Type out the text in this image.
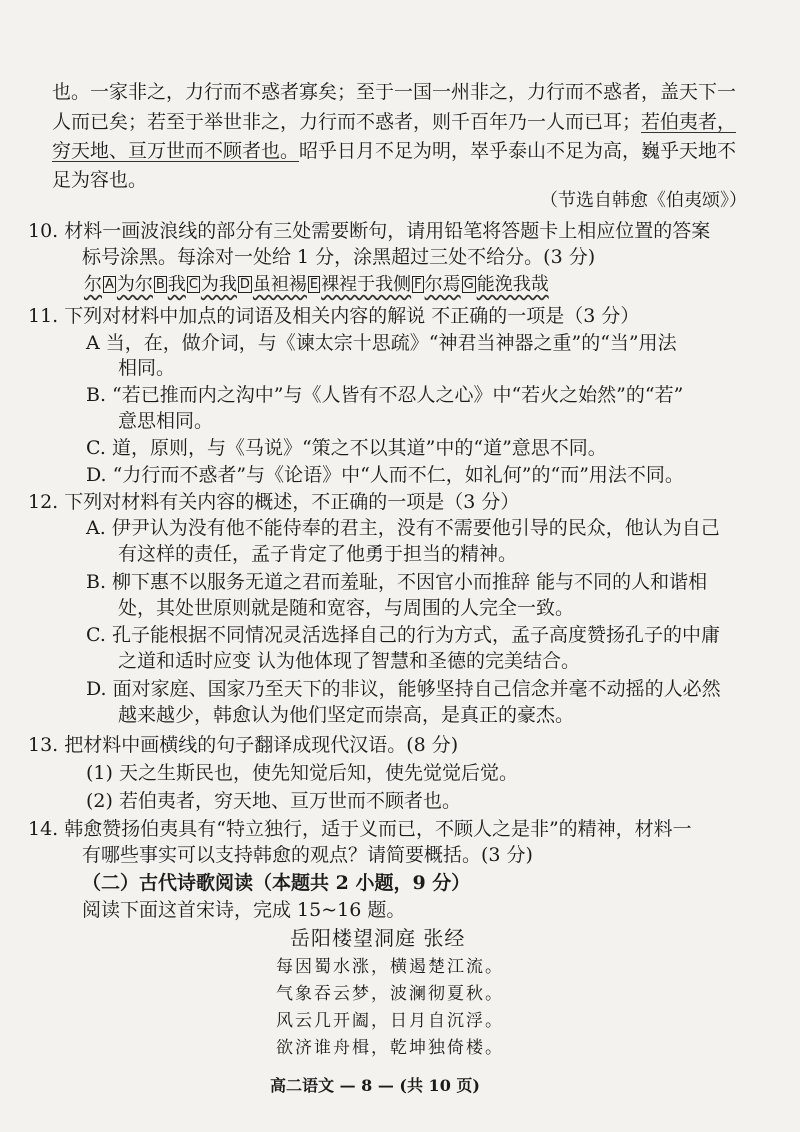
也。一家非之，力行而不惑者寡矣；至于一国一州非之，力行而不惑者，盖天下一
人而已矣；若至于举世非之，力行而不惑者，则千百年乃一人而已耳；若伯夷者，
穷天地、亘万世而不顾者也。昭乎日月不足为明，崒乎泰山不足为高，巍乎天地不
足为容也。
（节选自韩愈《伯夷颂》）
10. 材料一画波浪线的部分有三处需要断句，请用铅笔将答题卡上相应位置的答案
标号涂黑。每涂对一处给 1 分，涂黑超过三处不给分。(3 分)
尔 A 为尔 B 我 C 为我 D 虽袒裼 E 裸裎于我侧 F 尔焉 G 能浼我哉
11. 下列对材料中加点的词语及相关内容的解说 不正确的一项是（3 分）
A 当，在，做介词，与《谏太宗十思疏》“神君当神器之重”的“当”用法
相同。
B. “若已推而内之沟中”与《人皆有不忍人之心》中“若火之始然”的“若”
意思相同。
C. 道，原则，与《马说》“策之不以其道”中的“道”意思不同。
D. “力行而不惑者”与《论语》中“人而不仁，如礼何”的“而”用法不同。
12. 下列对材料有关内容的概述，不正确的一项是（3 分）
A. 伊尹认为没有他不能侍奉的君主，没有不需要他引导的民众，他认为自己
有这样的责任，孟子肯定了他勇于担当的精神。
B. 柳下惠不以服务无道之君而羞耻，不因官小而推辞 能与不同的人和谐相
处，其处世原则就是随和宽容，与周围的人完全一致。
C. 孔子能根据不同情况灵活选择自己的行为方式，孟子高度赞扬孔子的中庸
之道和适时应变 认为他体现了智慧和圣德的完美结合。
D. 面对家庭、国家乃至天下的非议，能够坚持自己信念并毫不动摇的人必然
越来越少，韩愈认为他们坚定而崇高，是真正的豪杰。
13. 把材料中画横线的句子翻译成现代汉语。(8 分)
(1) 天之生斯民也，使先知觉后知，使先觉觉后觉。
(2) 若伯夷者，穷天地、亘万世而不顾者也。
14. 韩愈赞扬伯夷具有“特立独行，适于义而已，不顾人之是非”的精神，材料一
有哪些事实可以支持韩愈的观点？请简要概括。(3 分)
（二）古代诗歌阅读（本题共 2 小题，9 分）
阅读下面这首宋诗，完成 15~16 题。
岳阳楼望洞庭 张经
每因蜀水涨，横遏楚江流。
气象吞云梦，波澜彻夏秋。
风云几开阖，日月自沉浮。
欲济谁舟楫，乾坤独倚楼。
高二语文 — 8 — (共 10 页)
